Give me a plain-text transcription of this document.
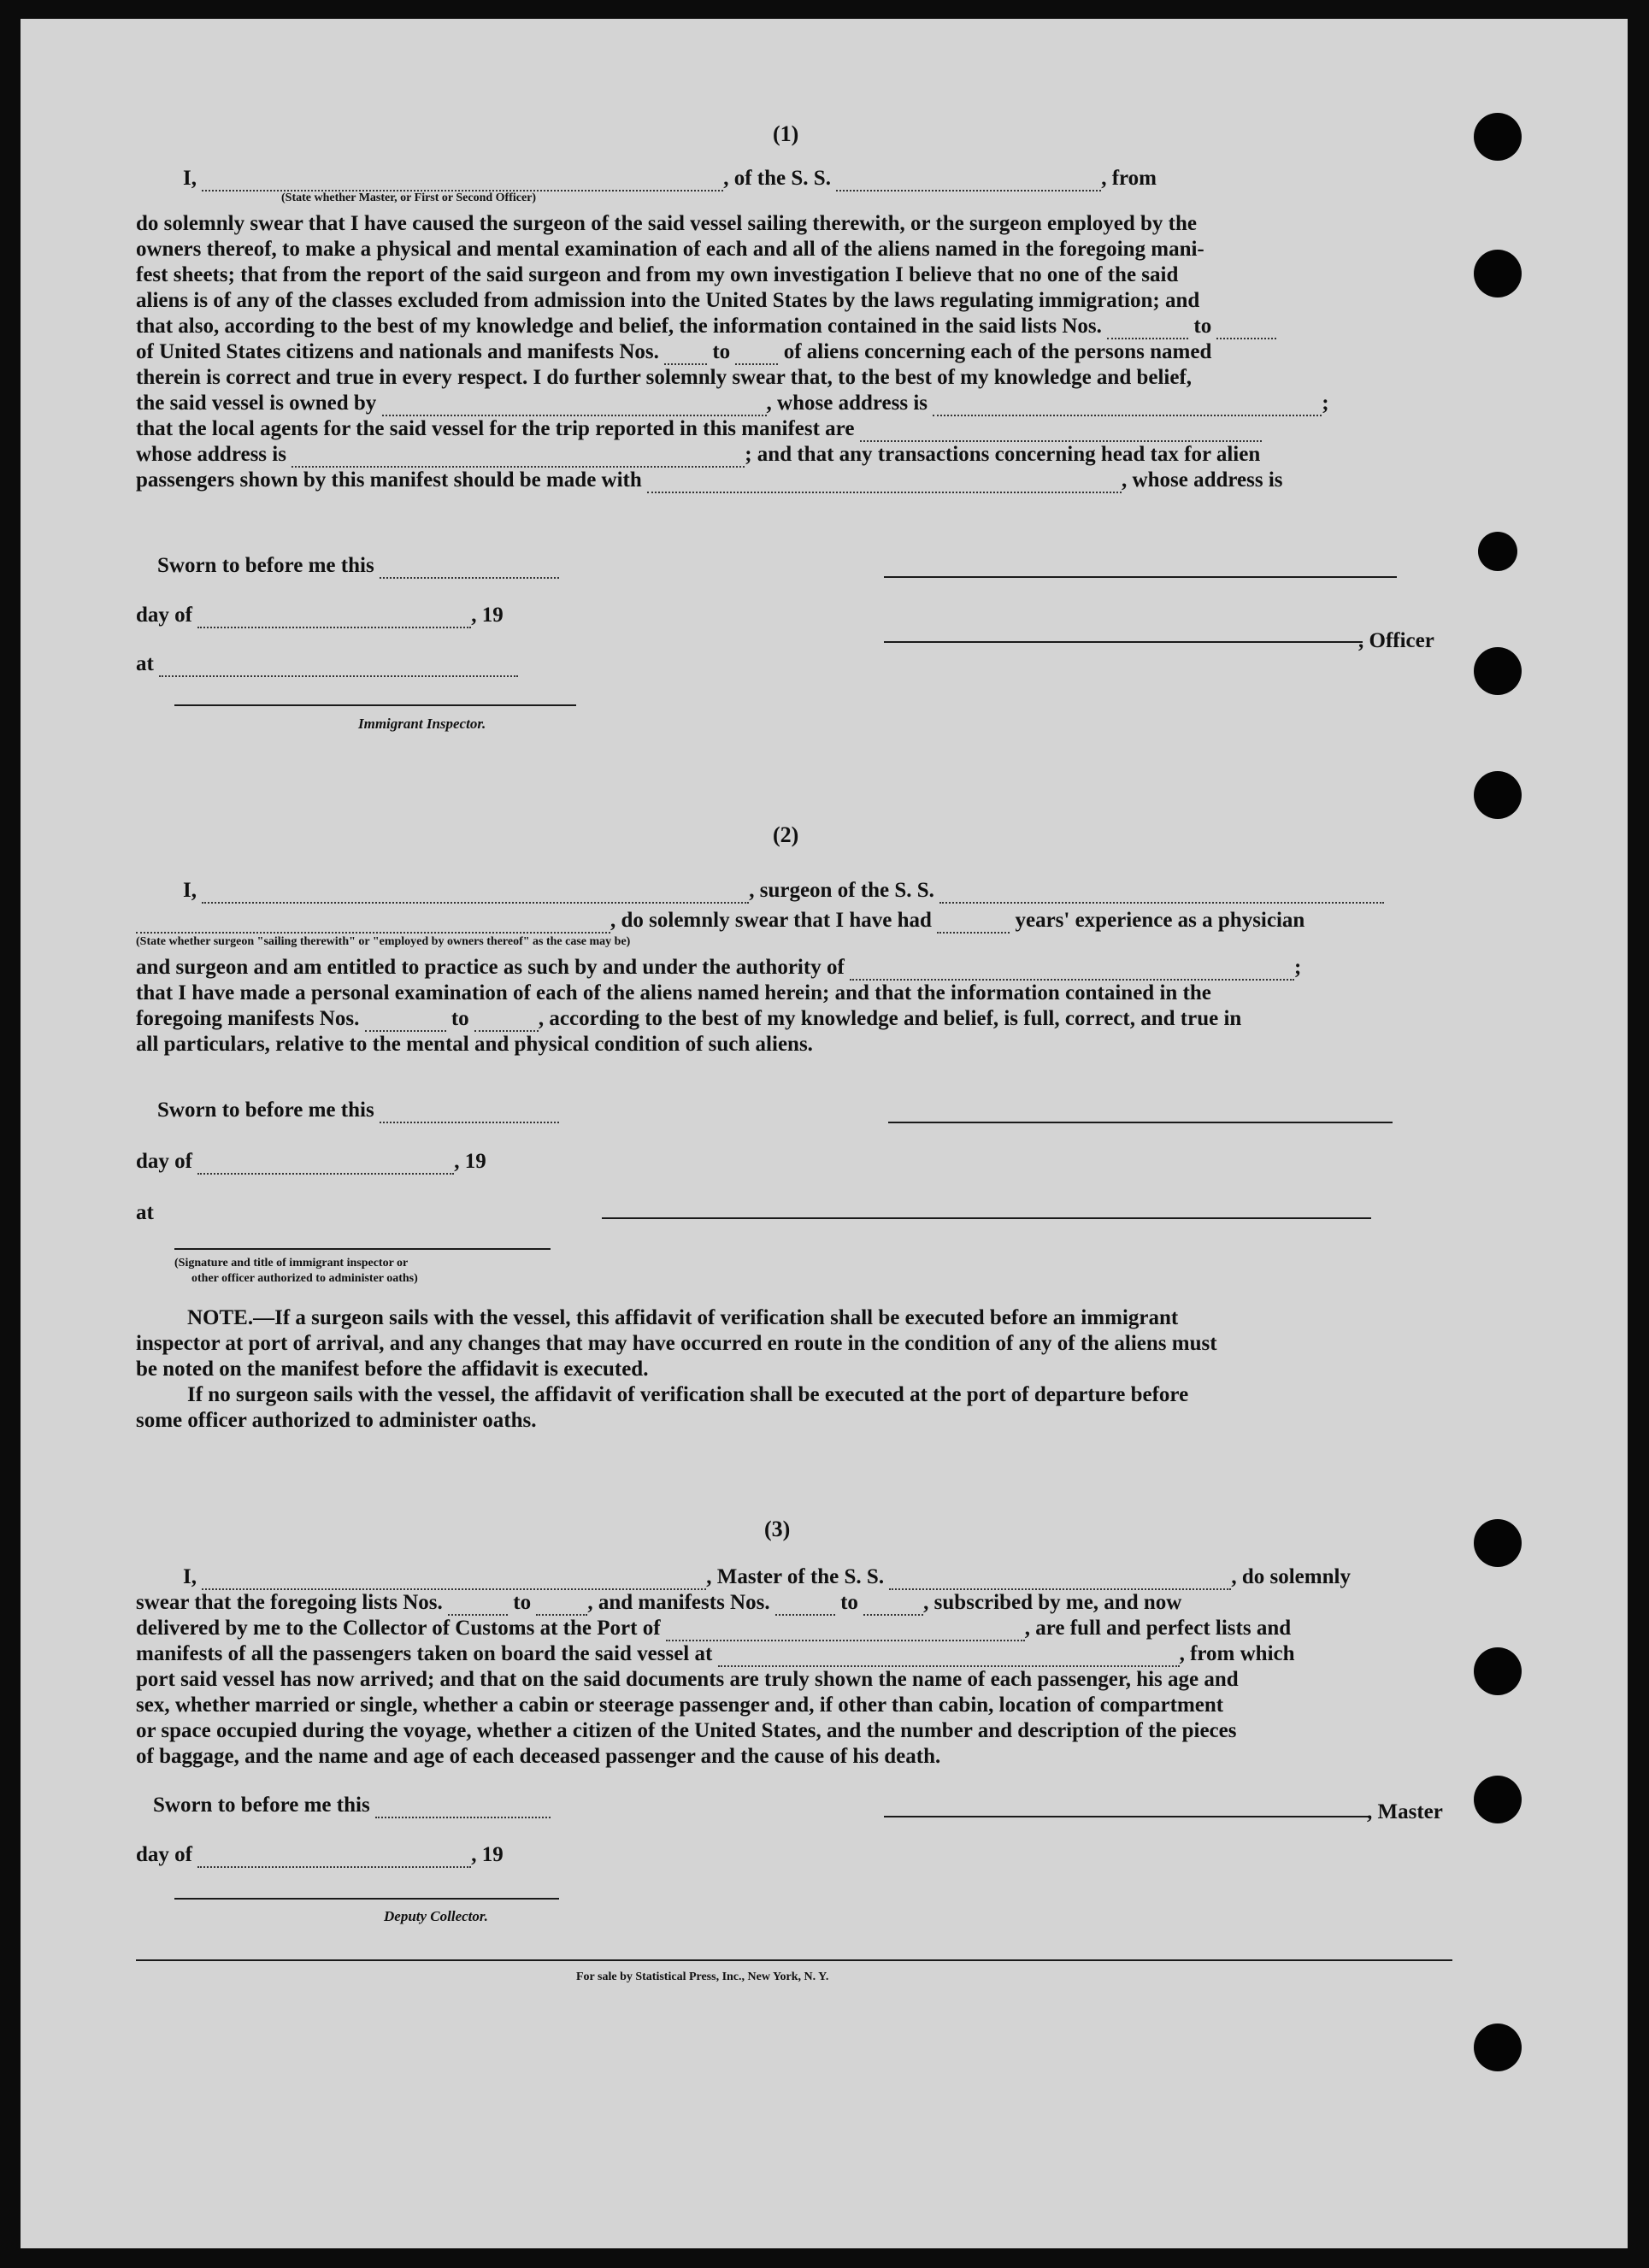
(1)
I,	, of the S. S.	, from
(State whether Master, or First or Second Officer)
do solemnly swear that I have caused the surgeon of the said vessel sailing therewith, or the surgeon employed by the
owners thereof, to make a physical and mental examination of each and all of the aliens named in the foregoing mani-
fest sheets; that from the report of the said surgeon and from my own investigation I believe that no one of the said
aliens is of any of the classes excluded from admission into the United States by the laws regulating immigration; and
that also, according to the best of my knowledge and belief, the information contained in the said lists Nos.	to
of United States citizens and nationals and manifests Nos.	to	of aliens concerning each of the persons named
therein is correct and true in every respect. I do further solemnly swear that, to the best of my knowledge and belief,
the said vessel is owned by	, whose address is	;
that the local agents for the said vessel for the trip reported in this manifest are
whose address is	; and that any transactions concerning head tax for alien
passengers shown by this manifest should be made with	, whose address is
Sworn to before me this
day of	, 19
, Officer
at
Immigrant Inspector.
(2)
I,	, surgeon of the S. S.
, do solemnly swear that I have had	years' experience as a physician
(State whether surgeon "sailing therewith" or "employed by owners thereof" as the case may be)
and surgeon and am entitled to practice as such by and under the authority of	;
that I have made a personal examination of each of the aliens named herein; and that the information contained in the
foregoing manifests Nos.	to	, according to the best of my knowledge and belief, is full, correct, and true in
all particulars, relative to the mental and physical condition of such aliens.
Sworn to before me this
day of	, 19
at
(Signature and title of immigrant inspector or
other officer authorized to administer oaths)
NOTE.—If a surgeon sails with the vessel, this affidavit of verification shall be executed before an immigrant
inspector at port of arrival, and any changes that may have occurred en route in the condition of any of the aliens must
be noted on the manifest before the affidavit is executed.
If no surgeon sails with the vessel, the affidavit of verification shall be executed at the port of departure before
some officer authorized to administer oaths.
(3)
I,	, Master of the S. S.	, do solemnly
swear that the foregoing lists Nos.	to	, and manifests Nos.	to	, subscribed by me, and now
delivered by me to the Collector of Customs at the Port of	, are full and perfect lists and
manifests of all the passengers taken on board the said vessel at	, from which
port said vessel has now arrived; and that on the said documents are truly shown the name of each passenger, his age and
sex, whether married or single, whether a cabin or steerage passenger and, if other than cabin, location of compartment
or space occupied during the voyage, whether a citizen of the United States, and the number and description of the pieces
of baggage, and the name and age of each deceased passenger and the cause of his death.
Sworn to before me this	, Master
day of	, 19
Deputy Collector.
For sale by Statistical Press, Inc., New York, N. Y.
